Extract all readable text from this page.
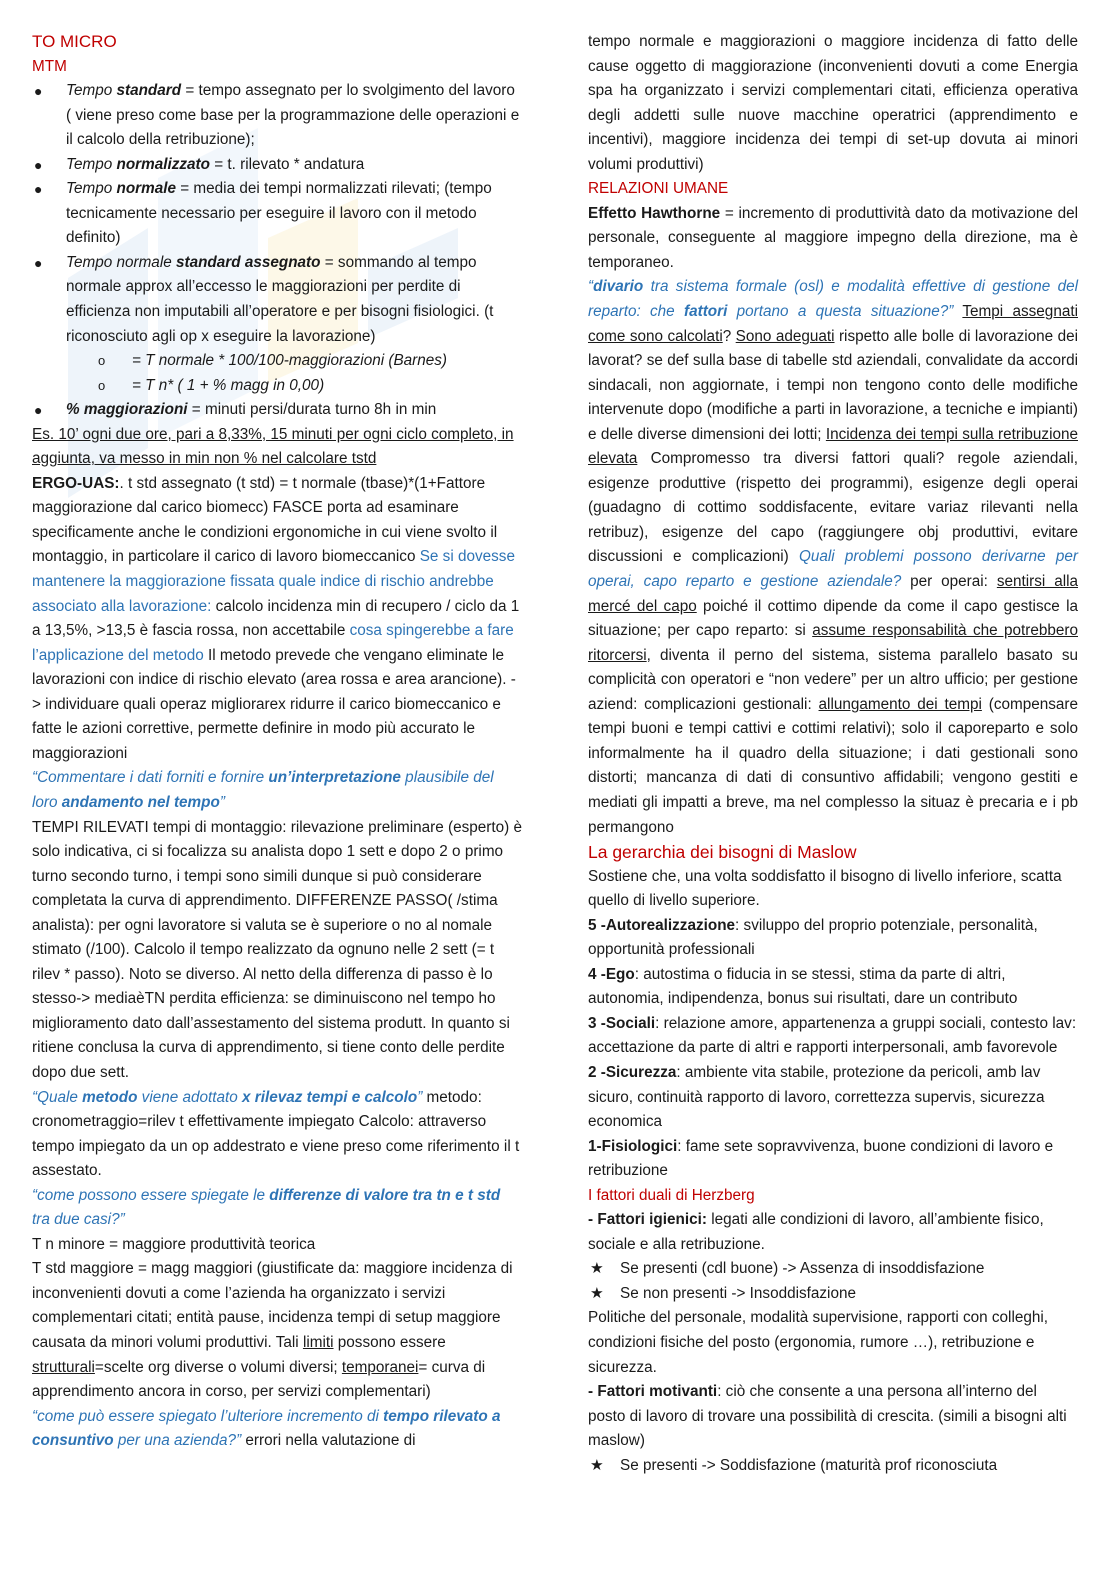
TO MICRO

MTM

● Tempo standard = tempo assegnato per lo svolgimento del lavoro ( viene preso come base per la programmazione delle operazioni e il calcolo della retribuzione);

● Tempo normalizzato = t. rilevato * andatura

● Tempo normale = media dei tempi normalizzati rilevati; (tempo tecnicamente necessario per eseguire il lavoro con il metodo definito)

● Tempo normale standard assegnato = sommando al tempo normale approx all’eccesso le maggiorazioni per perdite di efficienza non imputabili all’operatore e per bisogni fisiologici. (t riconosciuto agli op x eseguire la lavorazione)

o = T normale * 100/100-maggiorazioni (Barnes)

o = T n* ( 1 + % magg in 0,00)

● % maggiorazioni = minuti persi/durata turno 8h in min

Es. 10’ ogni due ore, pari a 8,33%, 15 minuti per ogni ciclo completo, in aggiunta, va messo in min non % nel calcolare tstd

ERGO-UAS:. t std assegnato (t std) = t normale (tbase)*(1+Fattore maggiorazione dal carico biomecc) FASCE porta ad esaminare specificamente anche le condizioni ergonomiche in cui viene svolto il montaggio, in particolare il carico di lavoro biomeccanico Se si dovesse mantenere la maggiorazione fissata quale indice di rischio andrebbe associato alla lavorazione: calcolo incidenza min di recupero / ciclo da 1 a 13,5%, >13,5 è fascia rossa, non accettabile cosa spingerebbe a fare l’applicazione del metodo Il metodo prevede che vengano eliminate le lavorazioni con indice di rischio elevato (area rossa e area arancione). -> individuare quali operaz migliorarex ridurre il carico biomeccanico e fatte le azioni correttive, permette definire in modo più accurato le maggiorazioni

“Commentare i dati forniti e fornire un’interpretazione plausibile del loro andamento nel tempo”

TEMPI RILEVATI tempi di montaggio: rilevazione preliminare (esperto) è solo indicativa, ci si focalizza su analista dopo 1 sett e dopo 2 o primo turno secondo turno, i tempi sono simili dunque si può considerare completata la curva di apprendimento. DIFFERENZE PASSO( /stima analista): per ogni lavoratore si valuta se è superiore o no al nomale stimato (/100). Calcolo il tempo realizzato da ognuno nelle 2 sett (= t rilev * passo). Noto se diverso. Al netto della differenza di passo è lo stesso-> mediaèTN perdita efficienza: se diminuiscono nel tempo ho miglioramento dato dall’assestamento del sistema produtt. In quanto si ritiene conclusa la curva di apprendimento, si tiene conto delle perdite dopo due sett.

“Quale metodo viene adottato x rilevaz tempi e calcolo” metodo: cronometraggio=rilev t effettivamente impiegato Calcolo: attraverso tempo impiegato da un op addestrato e viene preso come riferimento il t assestato.

“come possono essere spiegate le differenze di valore tra tn e t std tra due casi?”

T n minore = maggiore produttività teorica

T std maggiore = magg maggiori (giustificate da: maggiore incidenza di inconvenienti dovuti a come l’azienda ha organizzato i servizi complementari citati; entità pause, incidenza tempi di setup maggiore causata da minori volumi produttivi. Tali limiti possono essere strutturali=scelte org diverse o volumi diversi; temporanei= curva di apprendimento ancora in corso, per servizi complementari)

“come può essere spiegato l’ulteriore incremento di tempo rilevato a consuntivo per una azienda?” errori nella valutazione di

tempo normale e maggiorazioni o maggiore incidenza di fatto delle cause oggetto di maggiorazione (inconvenienti dovuti a come Energia spa ha organizzato i servizi complementari citati, efficienza operativa degli addetti sulle nuove macchine operatrici (apprendimento e incentivi), maggiore incidenza dei tempi di set-up dovuta ai minori volumi produttivi)

RELAZIONI UMANE

Effetto Hawthorne = incremento di produttività dato da motivazione del personale, conseguente al maggiore impegno della direzione, ma è temporaneo.

“divario tra sistema formale (osl) e modalità effettive di gestione del reparto: che fattori portano a questa situazione?” Tempi assegnati come sono calcolati? Sono adeguati rispetto alle bolle di lavorazione dei lavorat? se def sulla base di tabelle std aziendali, convalidate da accordi sindacali, non aggiornate, i tempi non tengono conto delle modifiche intervenute dopo (modifiche a parti in lavorazione, a tecniche e impianti) e delle diverse dimensioni dei lotti; Incidenza dei tempi sulla retribuzione elevata Compromesso tra diversi fattori quali? regole aziendali, esigenze produttive (rispetto dei programmi), esigenze degli operai (guadagno di cottimo soddisfacente, evitare variaz rilevanti nella retribuz), esigenze del capo (raggiungere obj produttivi, evitare discussioni e complicazioni) Quali problemi possono derivarne per operai, capo reparto e gestione aziendale? per operai: sentirsi alla mercé del capo poiché il cottimo dipende da come il capo gestisce la situazione; per capo reparto: si assume responsabilità che potrebbero ritorcersi, diventa il perno del sistema, sistema parallelo basato su complicità con operatori e “non vedere” per un altro ufficio; per gestione aziend: complicazioni gestionali: allungamento dei tempi (compensare tempi buoni e tempi cattivi e cottimi relativi); solo il caporeparto e solo informalmente ha il quadro della situazione; i dati gestionali sono distorti; mancanza di dati di consuntivo affidabili; vengono gestiti e mediati gli impatti a breve, ma nel complesso la situaz è precaria e i pb permangono

La gerarchia dei bisogni di Maslow

Sostiene che, una volta soddisfatto il bisogno di livello inferiore, scatta quello di livello superiore.

5 -Autorealizzazione: sviluppo del proprio potenziale, personalità, opportunità professionali

4 -Ego: autostima o fiducia in se stessi, stima da parte di altri, autonomia, indipendenza, bonus sui risultati, dare un contributo

3 -Sociali: relazione amore, appartenenza a gruppi sociali, contesto lav: accettazione da parte di altri e rapporti interpersonali, amb favorevole

2 -Sicurezza: ambiente vita stabile, protezione da pericoli, amb lav sicuro, continuità rapporto di lavoro, correttezza supervis, sicurezza economica

1-Fisiologici: fame sete sopravvivenza, buone condizioni di lavoro e retribuzione

I fattori duali di Herzberg

- Fattori igienici: legati alle condizioni di lavoro, all’ambiente fisico, sociale e alla retribuzione.

★ Se presenti (cdl buone) -> Assenza di insoddisfazione

★ Se non presenti -> Insoddisfazione

Politiche del personale, modalità supervisione, rapporti con colleghi, condizioni fisiche del posto (ergonomia, rumore …), retribuzione e sicurezza.

- Fattori motivanti: ciò che consente a una persona all’interno del posto di lavoro di trovare una possibilità di crescita. (simili a bisogni alti maslow)

★ Se presenti -> Soddisfazione (maturità prof riconosciuta
